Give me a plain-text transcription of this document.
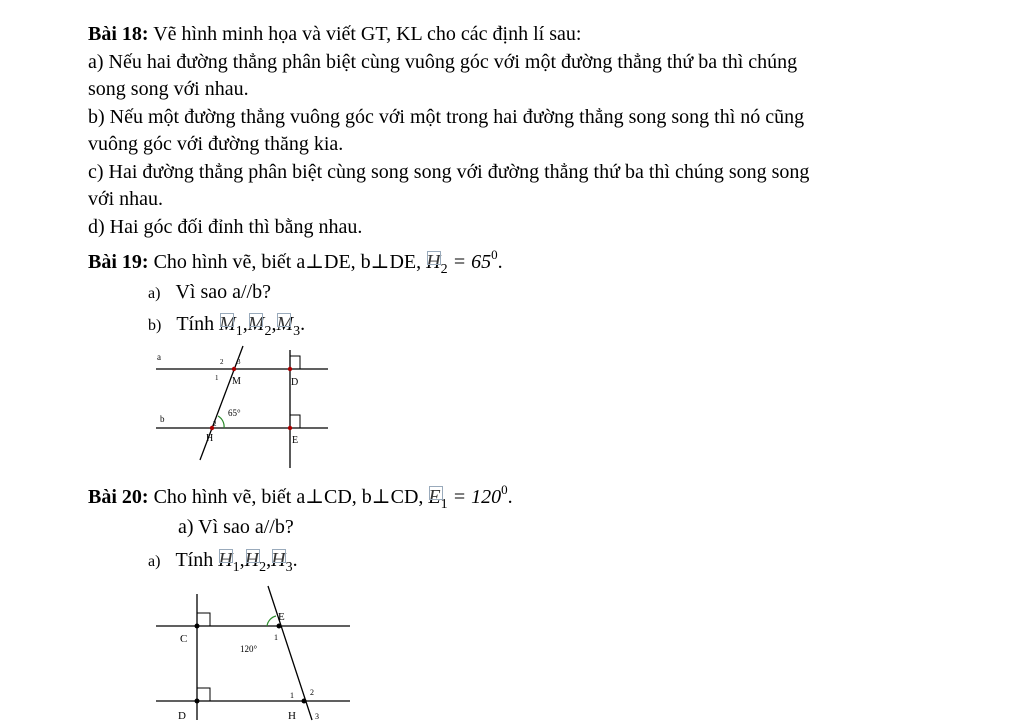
Bài 18: Vẽ hình minh họa và viết GT, KL cho các định lí sau:
a) Nếu hai đường thẳng phân biệt cùng vuông góc với một đường thẳng thứ ba thì chúng
song song với nhau.
b) Nếu một đường thẳng vuông góc với một trong hai đường thẳng song song thì nó cũng
vuông góc với đường thăng kia.
c) Hai đường thẳng phân biệt cùng song song với đường thẳng thứ ba thì chúng song song
với nhau.
d) Hai góc đối đỉnh thì bằng nhau.
Bài 19: Cho hình vẽ, biết a⊥DE, b⊥DE, $H_2 = 65^0$.
a) Vì sao a//b?
b) Tính $M_1,M_2,M_3$.
a
b
M	D
H	E
1
2 3
2
65°
Bài 20: Cho hình vẽ, biết a⊥CD, b⊥CD, $E_1 = 120^0$.
a) Vì sao a//b?
a) Tính $H_1,H_2,H_3$.
C
D
E
H
1
1 2
3
120°
